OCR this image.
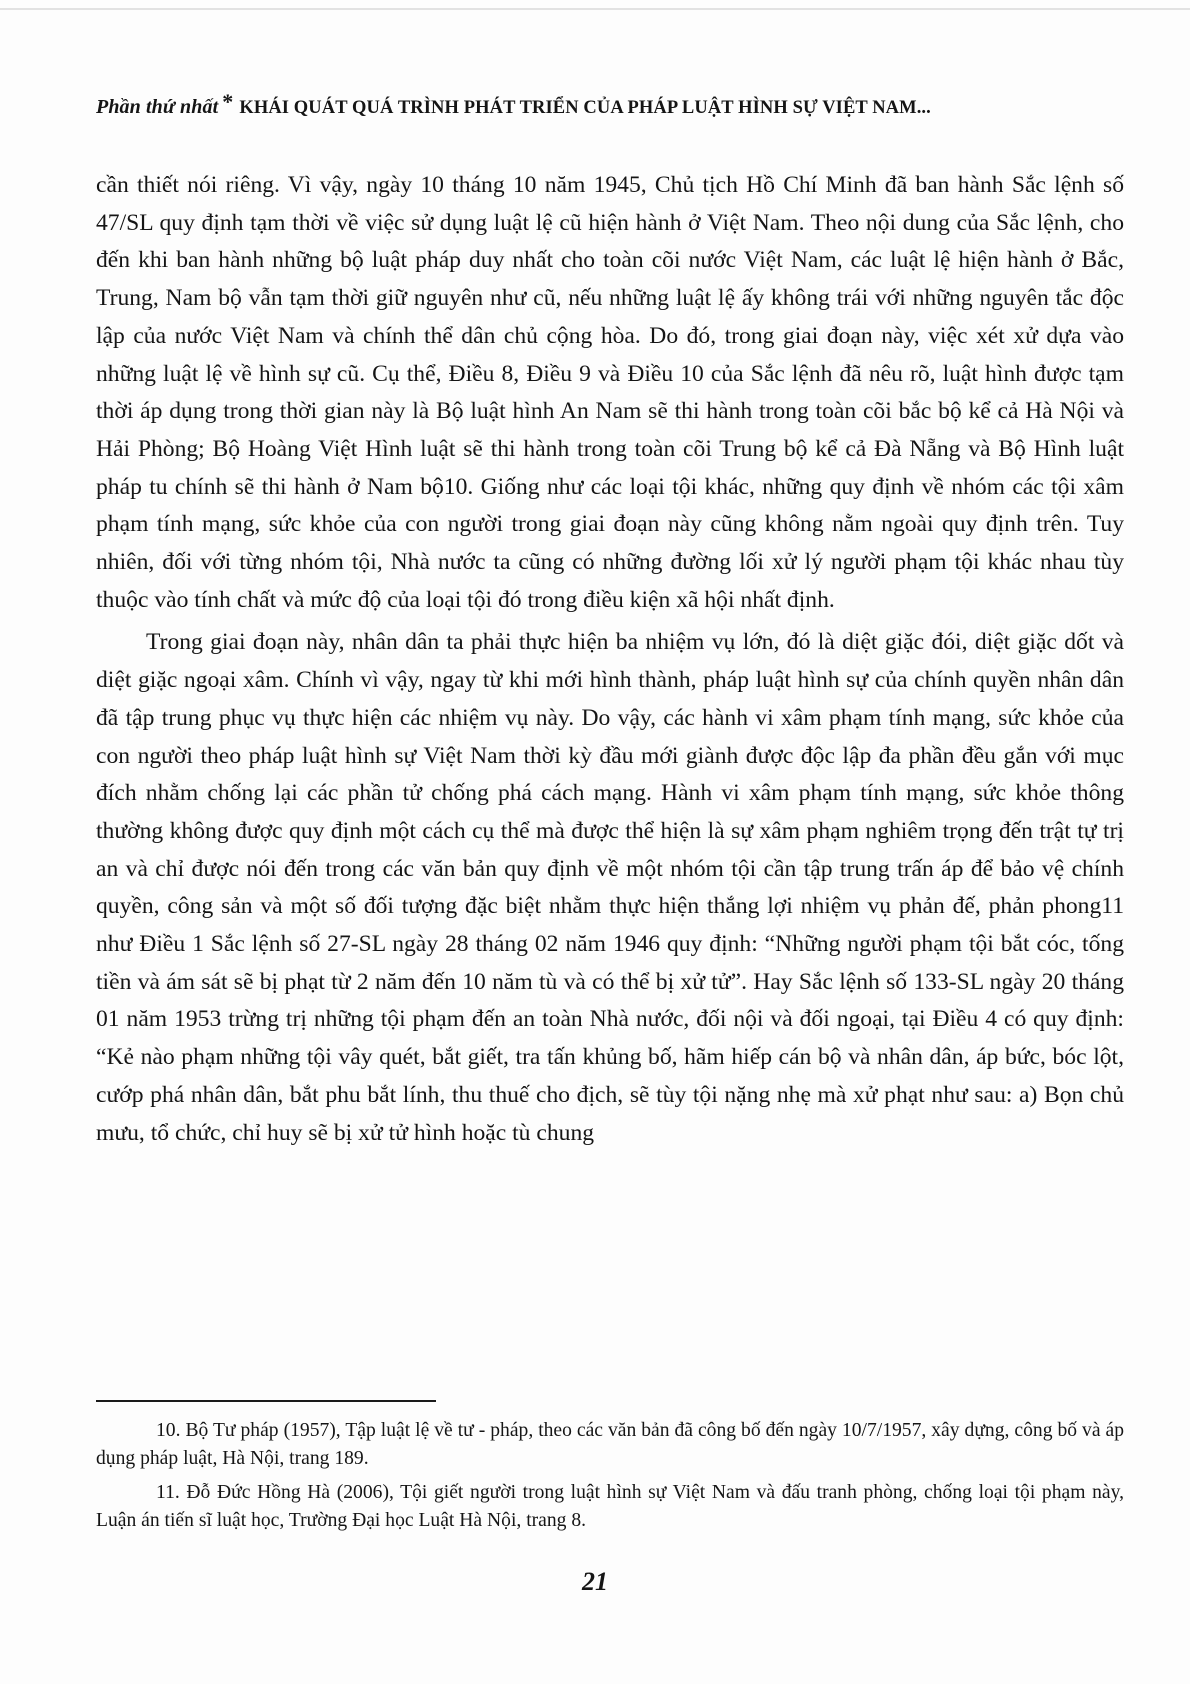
Phần thứ nhất * KHÁI QUÁT QUÁ TRÌNH PHÁT TRIỂN CỦA PHÁP LUẬT HÌNH SỰ VIỆT NAM...

cần thiết nói riêng. Vì vậy, ngày 10 tháng 10 năm 1945, Chủ tịch Hồ Chí Minh đã ban hành Sắc lệnh số 47/SL quy định tạm thời về việc sử dụng luật lệ cũ hiện hành ở Việt Nam. Theo nội dung của Sắc lệnh, cho đến khi ban hành những bộ luật pháp duy nhất cho toàn cõi nước Việt Nam, các luật lệ hiện hành ở Bắc, Trung, Nam bộ vẫn tạm thời giữ nguyên như cũ, nếu những luật lệ ấy không trái với những nguyên tắc độc lập của nước Việt Nam và chính thể dân chủ cộng hòa. Do đó, trong giai đoạn này, việc xét xử dựa vào những luật lệ về hình sự cũ. Cụ thể, Điều 8, Điều 9 và Điều 10 của Sắc lệnh đã nêu rõ, luật hình được tạm thời áp dụng trong thời gian này là Bộ luật hình An Nam sẽ thi hành trong toàn cõi bắc bộ kể cả Hà Nội và Hải Phòng; Bộ Hoàng Việt Hình luật sẽ thi hành trong toàn cõi Trung bộ kể cả Đà Nẵng và Bộ Hình luật pháp tu chính sẽ thi hành ở Nam bộ10. Giống như các loại tội khác, những quy định về nhóm các tội xâm phạm tính mạng, sức khỏe của con người trong giai đoạn này cũng không nằm ngoài quy định trên. Tuy nhiên, đối với từng nhóm tội, Nhà nước ta cũng có những đường lối xử lý người phạm tội khác nhau tùy thuộc vào tính chất và mức độ của loại tội đó trong điều kiện xã hội nhất định.

Trong giai đoạn này, nhân dân ta phải thực hiện ba nhiệm vụ lớn, đó là diệt giặc đói, diệt giặc dốt và diệt giặc ngoại xâm. Chính vì vậy, ngay từ khi mới hình thành, pháp luật hình sự của chính quyền nhân dân đã tập trung phục vụ thực hiện các nhiệm vụ này. Do vậy, các hành vi xâm phạm tính mạng, sức khỏe của con người theo pháp luật hình sự Việt Nam thời kỳ đầu mới giành được độc lập đa phần đều gắn với mục đích nhằm chống lại các phần tử chống phá cách mạng. Hành vi xâm phạm tính mạng, sức khỏe thông thường không được quy định một cách cụ thể mà được thể hiện là sự xâm phạm nghiêm trọng đến trật tự trị an và chỉ được nói đến trong các văn bản quy định về một nhóm tội cần tập trung trấn áp để bảo vệ chính quyền, công sản và một số đối tượng đặc biệt nhằm thực hiện thắng lợi nhiệm vụ phản đế, phản phong11 như Điều 1 Sắc lệnh số 27-SL ngày 28 tháng 02 năm 1946 quy định: “Những người phạm tội bắt cóc, tống tiền và ám sát sẽ bị phạt từ 2 năm đến 10 năm tù và có thể bị xử tử”. Hay Sắc lệnh số 133-SL ngày 20 tháng 01 năm 1953 trừng trị những tội phạm đến an toàn Nhà nước, đối nội và đối ngoại, tại Điều 4 có quy định: “Kẻ nào phạm những tội vây quét, bắt giết, tra tấn khủng bố, hãm hiếp cán bộ và nhân dân, áp bức, bóc lột, cướp phá nhân dân, bắt phu bắt lính, thu thuế cho địch, sẽ tùy tội nặng nhẹ mà xử phạt như sau: a) Bọn chủ mưu, tổ chức, chỉ huy sẽ bị xử tử hình hoặc tù chung

10. Bộ Tư pháp (1957), Tập luật lệ về tư - pháp, theo các văn bản đã công bố đến ngày 10/7/1957, xây dựng, công bố và áp dụng pháp luật, Hà Nội, trang 189.

11. Đỗ Đức Hồng Hà (2006), Tội giết người trong luật hình sự Việt Nam và đấu tranh phòng, chống loại tội phạm này, Luận án tiến sĩ luật học, Trường Đại học Luật Hà Nội, trang 8.

21
